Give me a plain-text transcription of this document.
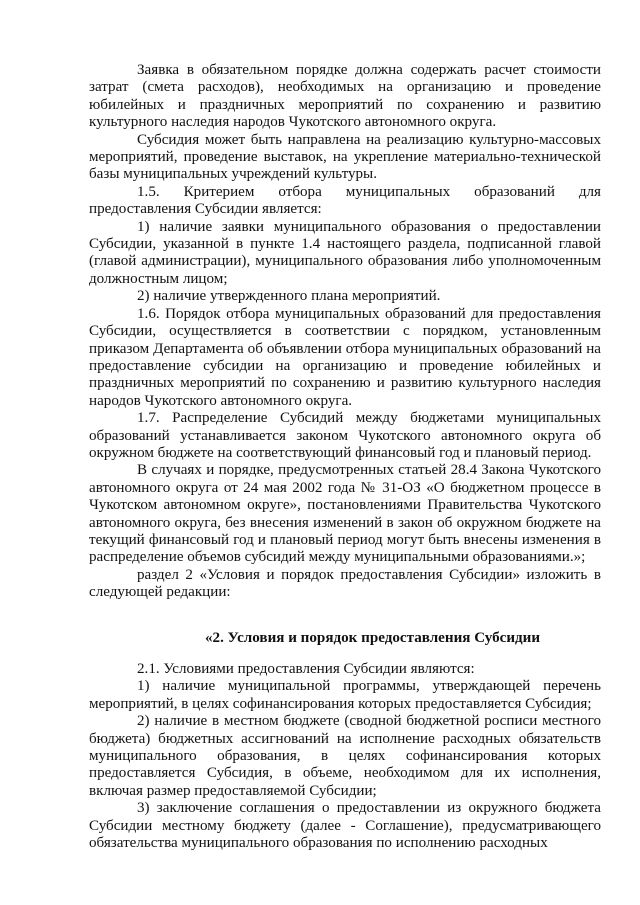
Заявка в обязательном порядке должна содержать расчет стоимости затрат (смета расходов), необходимых на организацию и проведение юбилейных и праздничных мероприятий по сохранению и развитию культурного наследия народов Чукотского автономного округа.

Субсидия может быть направлена на реализацию культурно-массовых мероприятий, проведение выставок, на укрепление материально-технической базы муниципальных учреждений культуры.

1.5. Критерием отбора муниципальных образований для предоставления Субсидии является:

1) наличие заявки муниципального образования о предоставлении Субсидии, указанной в пункте 1.4 настоящего раздела, подписанной главой (главой администрации), муниципального образования либо уполномоченным должностным лицом;

2) наличие утвержденного плана мероприятий.

1.6. Порядок отбора муниципальных образований для предоставления Субсидии, осуществляется в соответствии с порядком, установленным приказом Департамента об объявлении отбора муниципальных образований на предоставление субсидии на организацию и проведение юбилейных и праздничных мероприятий по сохранению и развитию культурного наследия народов Чукотского автономного округа.

1.7. Распределение Субсидий между бюджетами муниципальных образований устанавливается законом Чукотского автономного округа об окружном бюджете на соответствующий финансовый год и плановый период.

В случаях и порядке, предусмотренных статьей 28.4 Закона Чукотского автономного округа от 24 мая 2002 года № 31-ОЗ «О бюджетном процессе в Чукотском автономном округе», постановлениями Правительства Чукотского автономного округа, без внесения изменений в закон об окружном бюджете на текущий финансовый год и плановый период могут быть внесены изменения в распределение объемов субсидий между муниципальными образованиями.»;

раздел 2 «Условия и порядок предоставления Субсидии» изложить в следующей редакции:

«2. Условия и порядок предоставления Субсидии

2.1. Условиями предоставления Субсидии являются:

1) наличие муниципальной программы, утверждающей перечень мероприятий, в целях софинансирования которых предоставляется Субсидия;

2) наличие в местном бюджете (сводной бюджетной росписи местного бюджета) бюджетных ассигнований на исполнение расходных обязательств муниципального образования, в целях софинансирования которых предоставляется Субсидия, в объеме, необходимом для их исполнения, включая размер предоставляемой Субсидии;

3) заключение соглашения о предоставлении из окружного бюджета Субсидии местному бюджету (далее - Соглашение), предусматривающего обязательства муниципального образования по исполнению расходных
